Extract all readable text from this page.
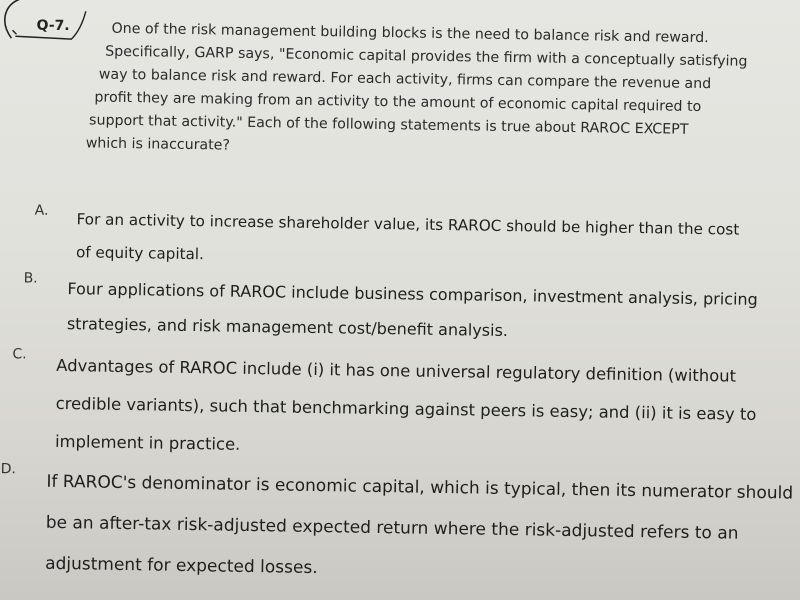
Q-7.	One of the risk management building blocks is the need to balance risk and reward.
Specifically, GARP says, "Economic capital provides the firm with a conceptually satisfying
way to balance risk and reward. For each activity, firms can compare the revenue and
profit they are making from an activity to the amount of economic capital required to
support that activity." Each of the following statements is true about RAROC EXCEPT
which is inaccurate?
A. For an activity to increase shareholder value, its RAROC should be higher than the cost
of equity capital.
B.
Four applications of RAROC include business comparison, investment analysis, pricing
strategies, and risk management cost/benefit analysis.
C.
Advantages of RAROC include (i) it has one universal regulatory definition (without
credible variants), such that benchmarking against peers is easy; and (ii) it is easy to
implement in practice.
D.
If RAROC's denominator is economic capital, which is typical, then its numerator should
be an after-tax risk-adjusted expected return where the risk-adjusted refers to an
adjustment for expected losses.
